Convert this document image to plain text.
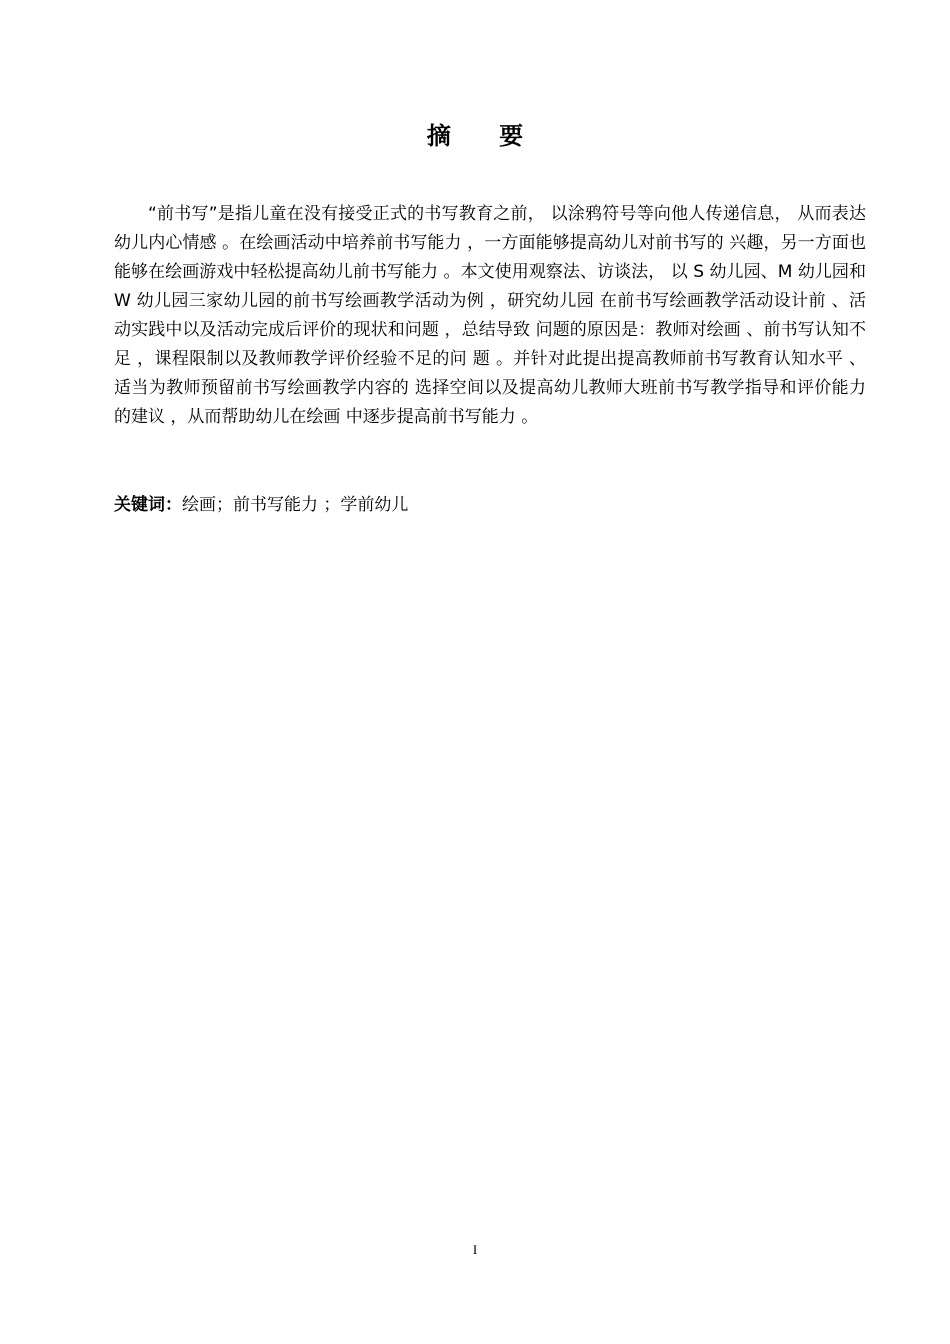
摘 要

“前书写”是指儿童在没有接受正式的书写教育之前， 以涂鸦符号等向他人传递信息， 从而表达幼儿内心情感 。在绘画活动中培养前书写能力 ，一方面能够提高幼儿对前书写的 兴趣，另一方面也能够在绘画游戏中轻松提高幼儿前书写能力 。本文使用观察法、访谈法， 以 S 幼儿园、M 幼儿园和 W 幼儿园三家幼儿园的前书写绘画教学活动为例 ，研究幼儿园 在前书写绘画教学活动设计前 、活动实践中以及活动完成后评价的现状和问题 ，总结导致 问题的原因是：教师对绘画 、前书写认知不足 ，课程限制以及教师教学评价经验不足的问 题 。并针对此提出提高教师前书写教育认知水平 、适当为教师预留前书写绘画教学内容的 选择空间以及提高幼儿教师大班前书写教学指导和评价能力的建议 ，从而帮助幼儿在绘画 中逐步提高前书写能力 。

关键词：绘画；前书写能力 ；学前幼儿
I
